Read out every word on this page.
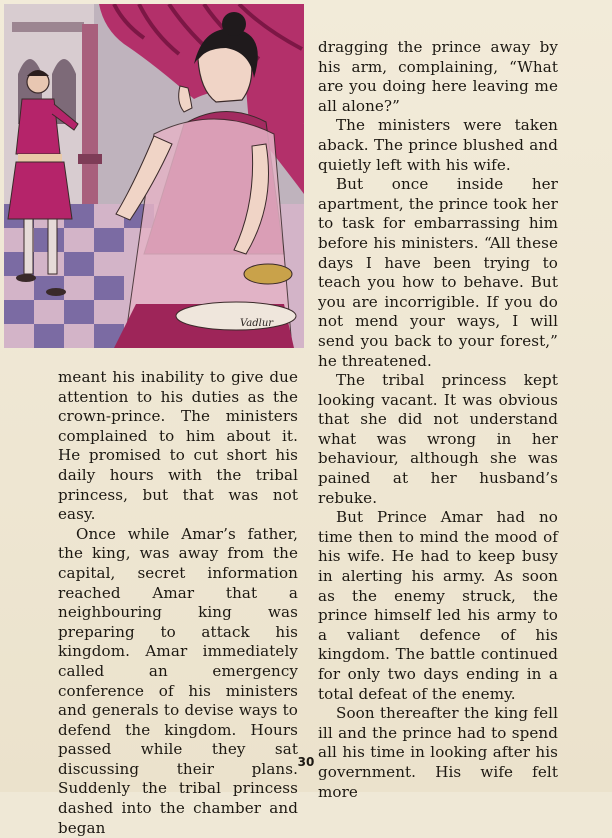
Vadlur

meant his inability to give due attention to his duties as the crown-prince. The ministers complained to him about it. He promised to cut short his daily hours with the tribal princess, but that was not easy.

Once while Amar’s father, the king, was away from the capital, secret information reached Amar that a neighbouring king was preparing to attack his kingdom. Amar immediately called an emergency conference of his ministers and generals to devise ways to defend the kingdom. Hours passed while they sat discussing their plans. Suddenly the tribal princess dashed into the chamber and began

dragging the prince away by his arm, complaining, “What are you doing here leaving me all alone?”

The ministers were taken aback. The prince blushed and quietly left with his wife.

But once inside her apartment, the prince took her to task for embarrassing him before his ministers. “All these days I have been trying to teach you how to behave. But you are incorrigible. If you do not mend your ways, I will send you back to your forest,” he threatened.

The tribal princess kept looking vacant. It was obvious that she did not understand what was wrong in her behaviour, although she was pained at her husband’s rebuke.

But Prince Amar had no time then to mind the mood of his wife. He had to keep busy in alerting his army. As soon as the enemy struck, the prince himself led his army to a valiant defence of his kingdom. The battle continued for only two days ending in a total defeat of the enemy.

Soon thereafter the king fell ill and the prince had to spend all his time in looking after his government. His wife felt more

30
